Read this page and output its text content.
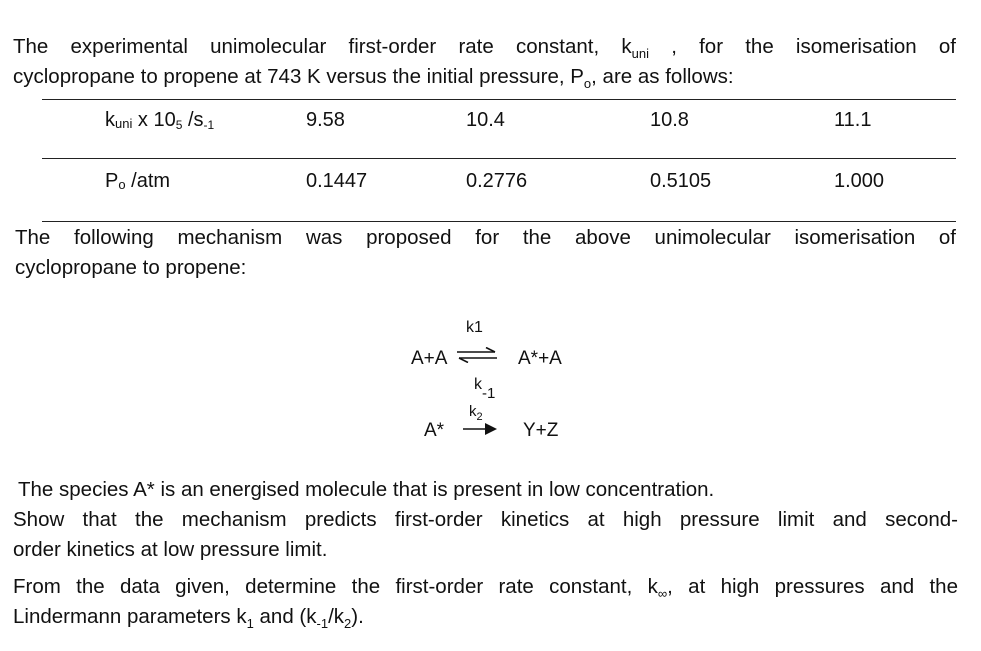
The experimental unimolecular first-order rate constant, $k_{uni}$ , for the isomerisation of
cyclopropane to propene at 743 K versus the initial pressure, $P_o$, are as follows:
kuni x 105 /s-1	9.58	10.4	10.8	11.1
Po /atm	0.1447	0.2776	0.5105	1.000
The following mechanism was proposed for the above unimolecular isomerisation of
cyclopropane to propene:
k1
A+A ⇌ A*+A
k-1
$k_2$
A*	Y+Z
The species A* is an energised molecule that is present in low concentration.
Show that the mechanism predicts first-order kinetics at high pressure limit and second-
order kinetics at low pressure limit.
From the data given, determine the first-order rate constant, $k_\infty$, at high pressures and the
Lindermann parameters $k_1$ and $(k_{-1}/k_2)$.
